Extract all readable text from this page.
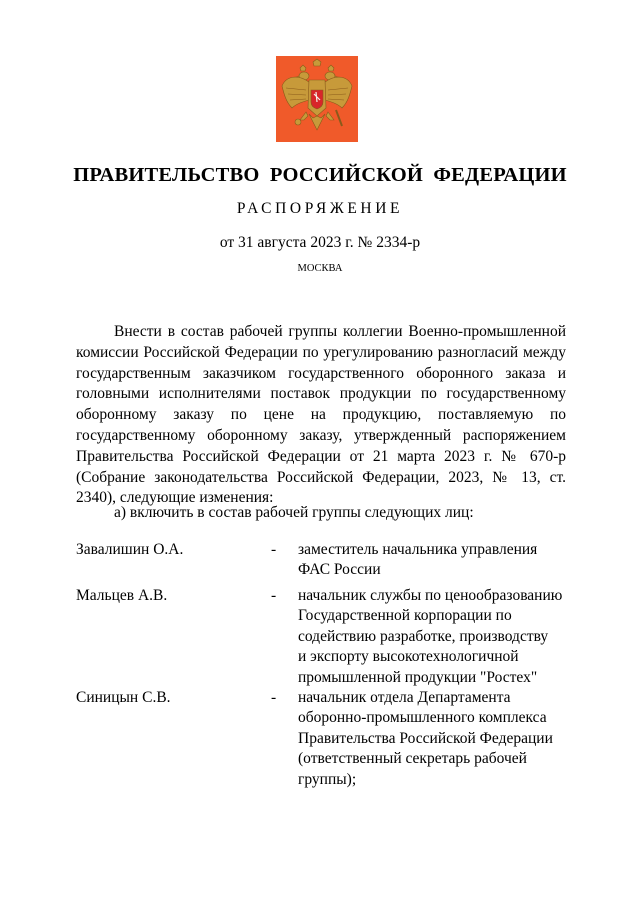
ПРАВИТЕЛЬСТВО РОССИЙСКОЙ ФЕДЕРАЦИИ
РАСПОРЯЖЕНИЕ
от 31 августа 2023 г. № 2334-р
МОСКВА

Внести в состав рабочей группы коллегии Военно-промышленной комиссии Российской Федерации по урегулированию разногласий между государственным заказчиком государственного оборонного заказа и головными исполнителями поставок продукции по государственному оборонному заказу по цене на продукцию, поставляемую по государственному оборонному заказу, утвержденный распоряжением Правительства Российской Федерации от 21 марта 2023 г. № 670-р (Собрание законодательства Российской Федерации, 2023, № 13, ст. 2340), следующие изменения:

а) включить в состав рабочей группы следующих лиц:

Завалишин О.А.	- заместитель начальника управления
ФАС России
Мальцев А.В.	- начальник службы по ценообразованию
Государственной корпорации по
содействию разработке, производству
и экспорту высокотехнологичной
промышленной продукции "Ростех"
Синицын С.В.	- начальник отдела Департамента
оборонно-промышленного комплекса
Правительства Российской Федерации
(ответственный секретарь рабочей
группы);
